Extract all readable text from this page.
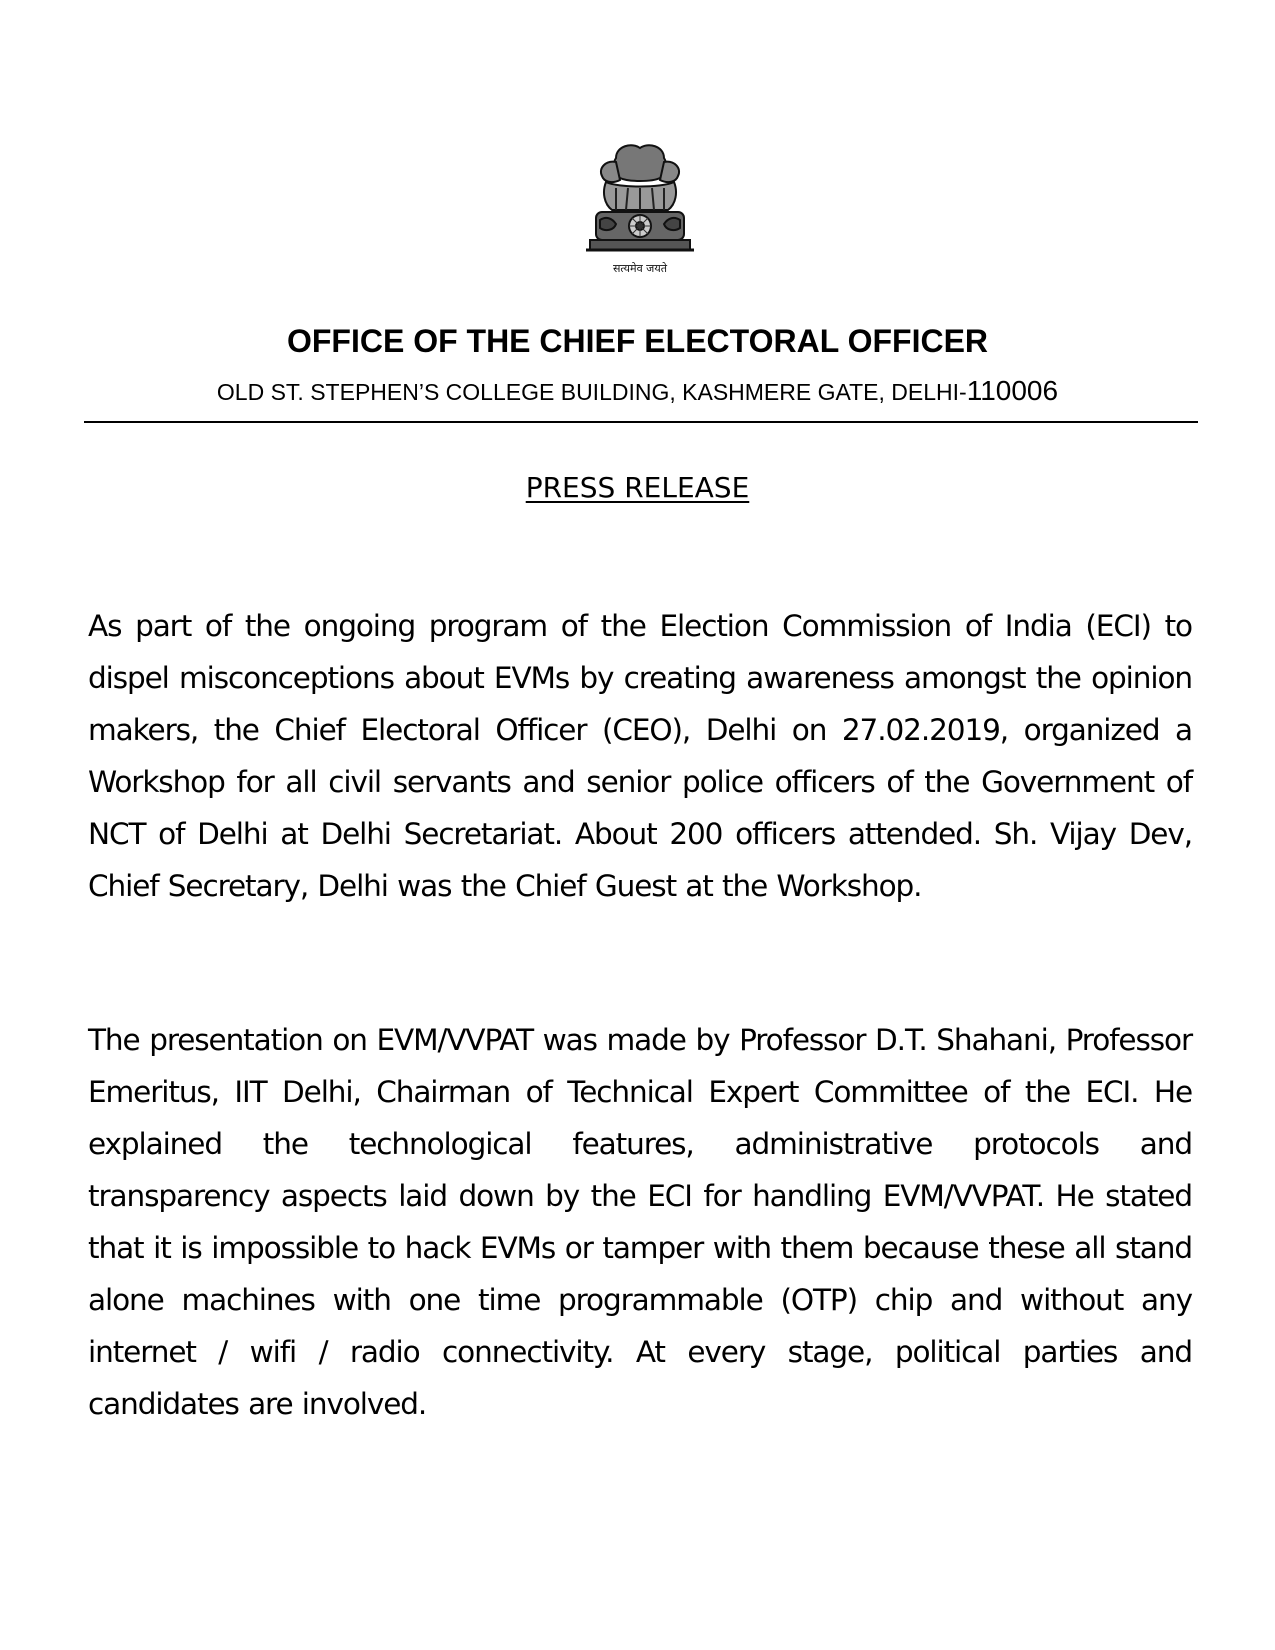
सत्यमेव जयते
OFFICE OF THE CHIEF ELECTORAL OFFICER
OLD ST. STEPHEN’S COLLEGE BUILDING, KASHMERE GATE, DELHI-110006
PRESS RELEASE

As part of the ongoing program of the Election Commission of India (ECI) to dispel misconceptions about EVMs by creating awareness amongst the opinion makers, the Chief Electoral Officer (CEO), Delhi on 27.02.2019, organized a Workshop for all civil servants and senior police officers of the Government of NCT of Delhi at Delhi Secretariat. About 200 officers attended. Sh. Vijay Dev, Chief Secretary, Delhi was the Chief Guest at the Workshop.

The presentation on EVM/VVPAT was made by Professor D.T. Shahani, Professor Emeritus, IIT Delhi, Chairman of Technical Expert Committee of the ECI. He explained the technological features, administrative protocols and transparency aspects laid down by the ECI for handling EVM/VVPAT. He stated that it is impossible to hack EVMs or tamper with them because these all stand alone machines with one time programmable (OTP) chip and without any internet / wifi / radio connectivity. At every stage, political parties and candidates are involved.
